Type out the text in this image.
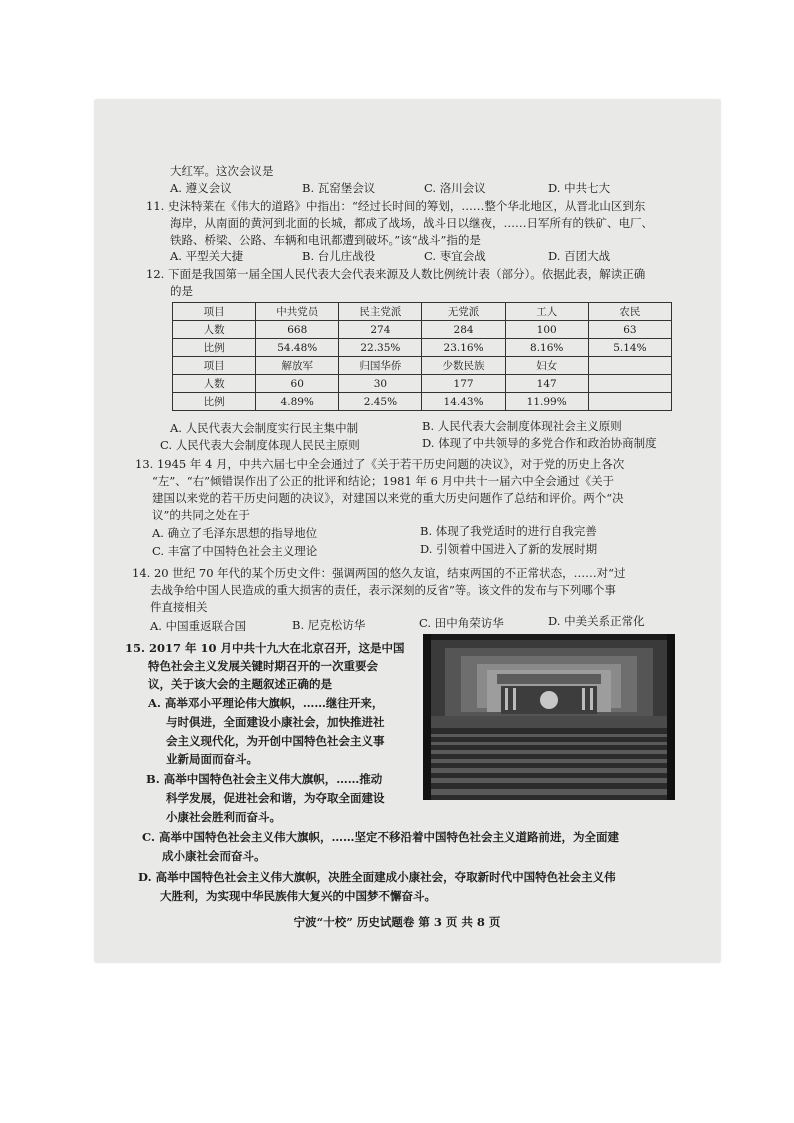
大红军。这次会议是
A. 遵义会议	B. 瓦窑堡会议	C. 洛川会议	D. 中共七大
11. 史沫特莱在《伟大的道路》中指出：“经过长时间的筹划，……整个华北地区，从晋北山区到东
海岸，从南面的黄河到北面的长城，都成了战场，战斗日以继夜，……日军所有的铁矿、电厂、
铁路、桥梁、公路、车辆和电讯都遭到破坏。”该“战斗”指的是
A. 平型关大捷	B. 台儿庄战役	C. 枣宜会战	D. 百团大战
12. 下面是我国第一届全国人民代表大会代表来源及人数比例统计表（部分）。依据此表，解读正确
的是
项目	中共党员	民主党派	无党派	工人	农民
人数	668	274	284	100	63
比例	54.48%	22.35%	23.16%	8.16%	5.14%
项目	解放军	归国华侨	少数民族	妇女	
人数	60	30	177	147	
比例	4.89%	2.45%	14.43%	11.99%	
A. 人民代表大会制度实行民主集中制	B. 人民代表大会制度体现社会主义原则
C. 人民代表大会制度体现人民民主原则	D. 体现了中共领导的多党合作和政治协商制度
13. 1945 年 4 月，中共六届七中全会通过了《关于若干历史问题的决议》，对于党的历史上各次
“左”、“右”倾错误作出了公正的批评和结论；1981 年 6 月中共十一届六中全会通过《关于
建国以来党的若干历史问题的决议》，对建国以来党的重大历史问题作了总结和评价。两个“决
议”的共同之处在于
A. 确立了毛泽东思想的指导地位	B. 体现了我党适时的进行自我完善
C. 丰富了中国特色社会主义理论	D. 引领着中国进入了新的发展时期
14. 20 世纪 70 年代的某个历史文件：强调两国的悠久友谊，结束两国的不正常状态，……对“过
去战争给中国人民造成的重大损害的责任，表示深刻的反省”等。该文件的发布与下列哪个事
件直接相关
A. 中国重返联合国	B. 尼克松访华	C. 田中角荣访华	D. 中美关系正常化
15. 2017 年 10 月中共十九大在北京召开，这是中国
特色社会主义发展关键时期召开的一次重要会
议，关于该大会的主题叙述正确的是
A. 高举邓小平理论伟大旗帜，……继往开来，
与时俱进，全面建设小康社会，加快推进社
会主义现代化，为开创中国特色社会主义事
业新局面而奋斗。
B. 高举中国特色社会主义伟大旗帜，……推动
科学发展，促进社会和谐，为夺取全面建设
小康社会胜利而奋斗。
C. 高举中国特色社会主义伟大旗帜，……坚定不移沿着中国特色社会主义道路前进，为全面建
成小康社会而奋斗。
D. 高举中国特色社会主义伟大旗帜，决胜全面建成小康社会，夺取新时代中国特色社会主义伟
大胜利，为实现中华民族伟大复兴的中国梦不懈奋斗。
宁波“十校” 历史试题卷 第 3 页 共 8 页
